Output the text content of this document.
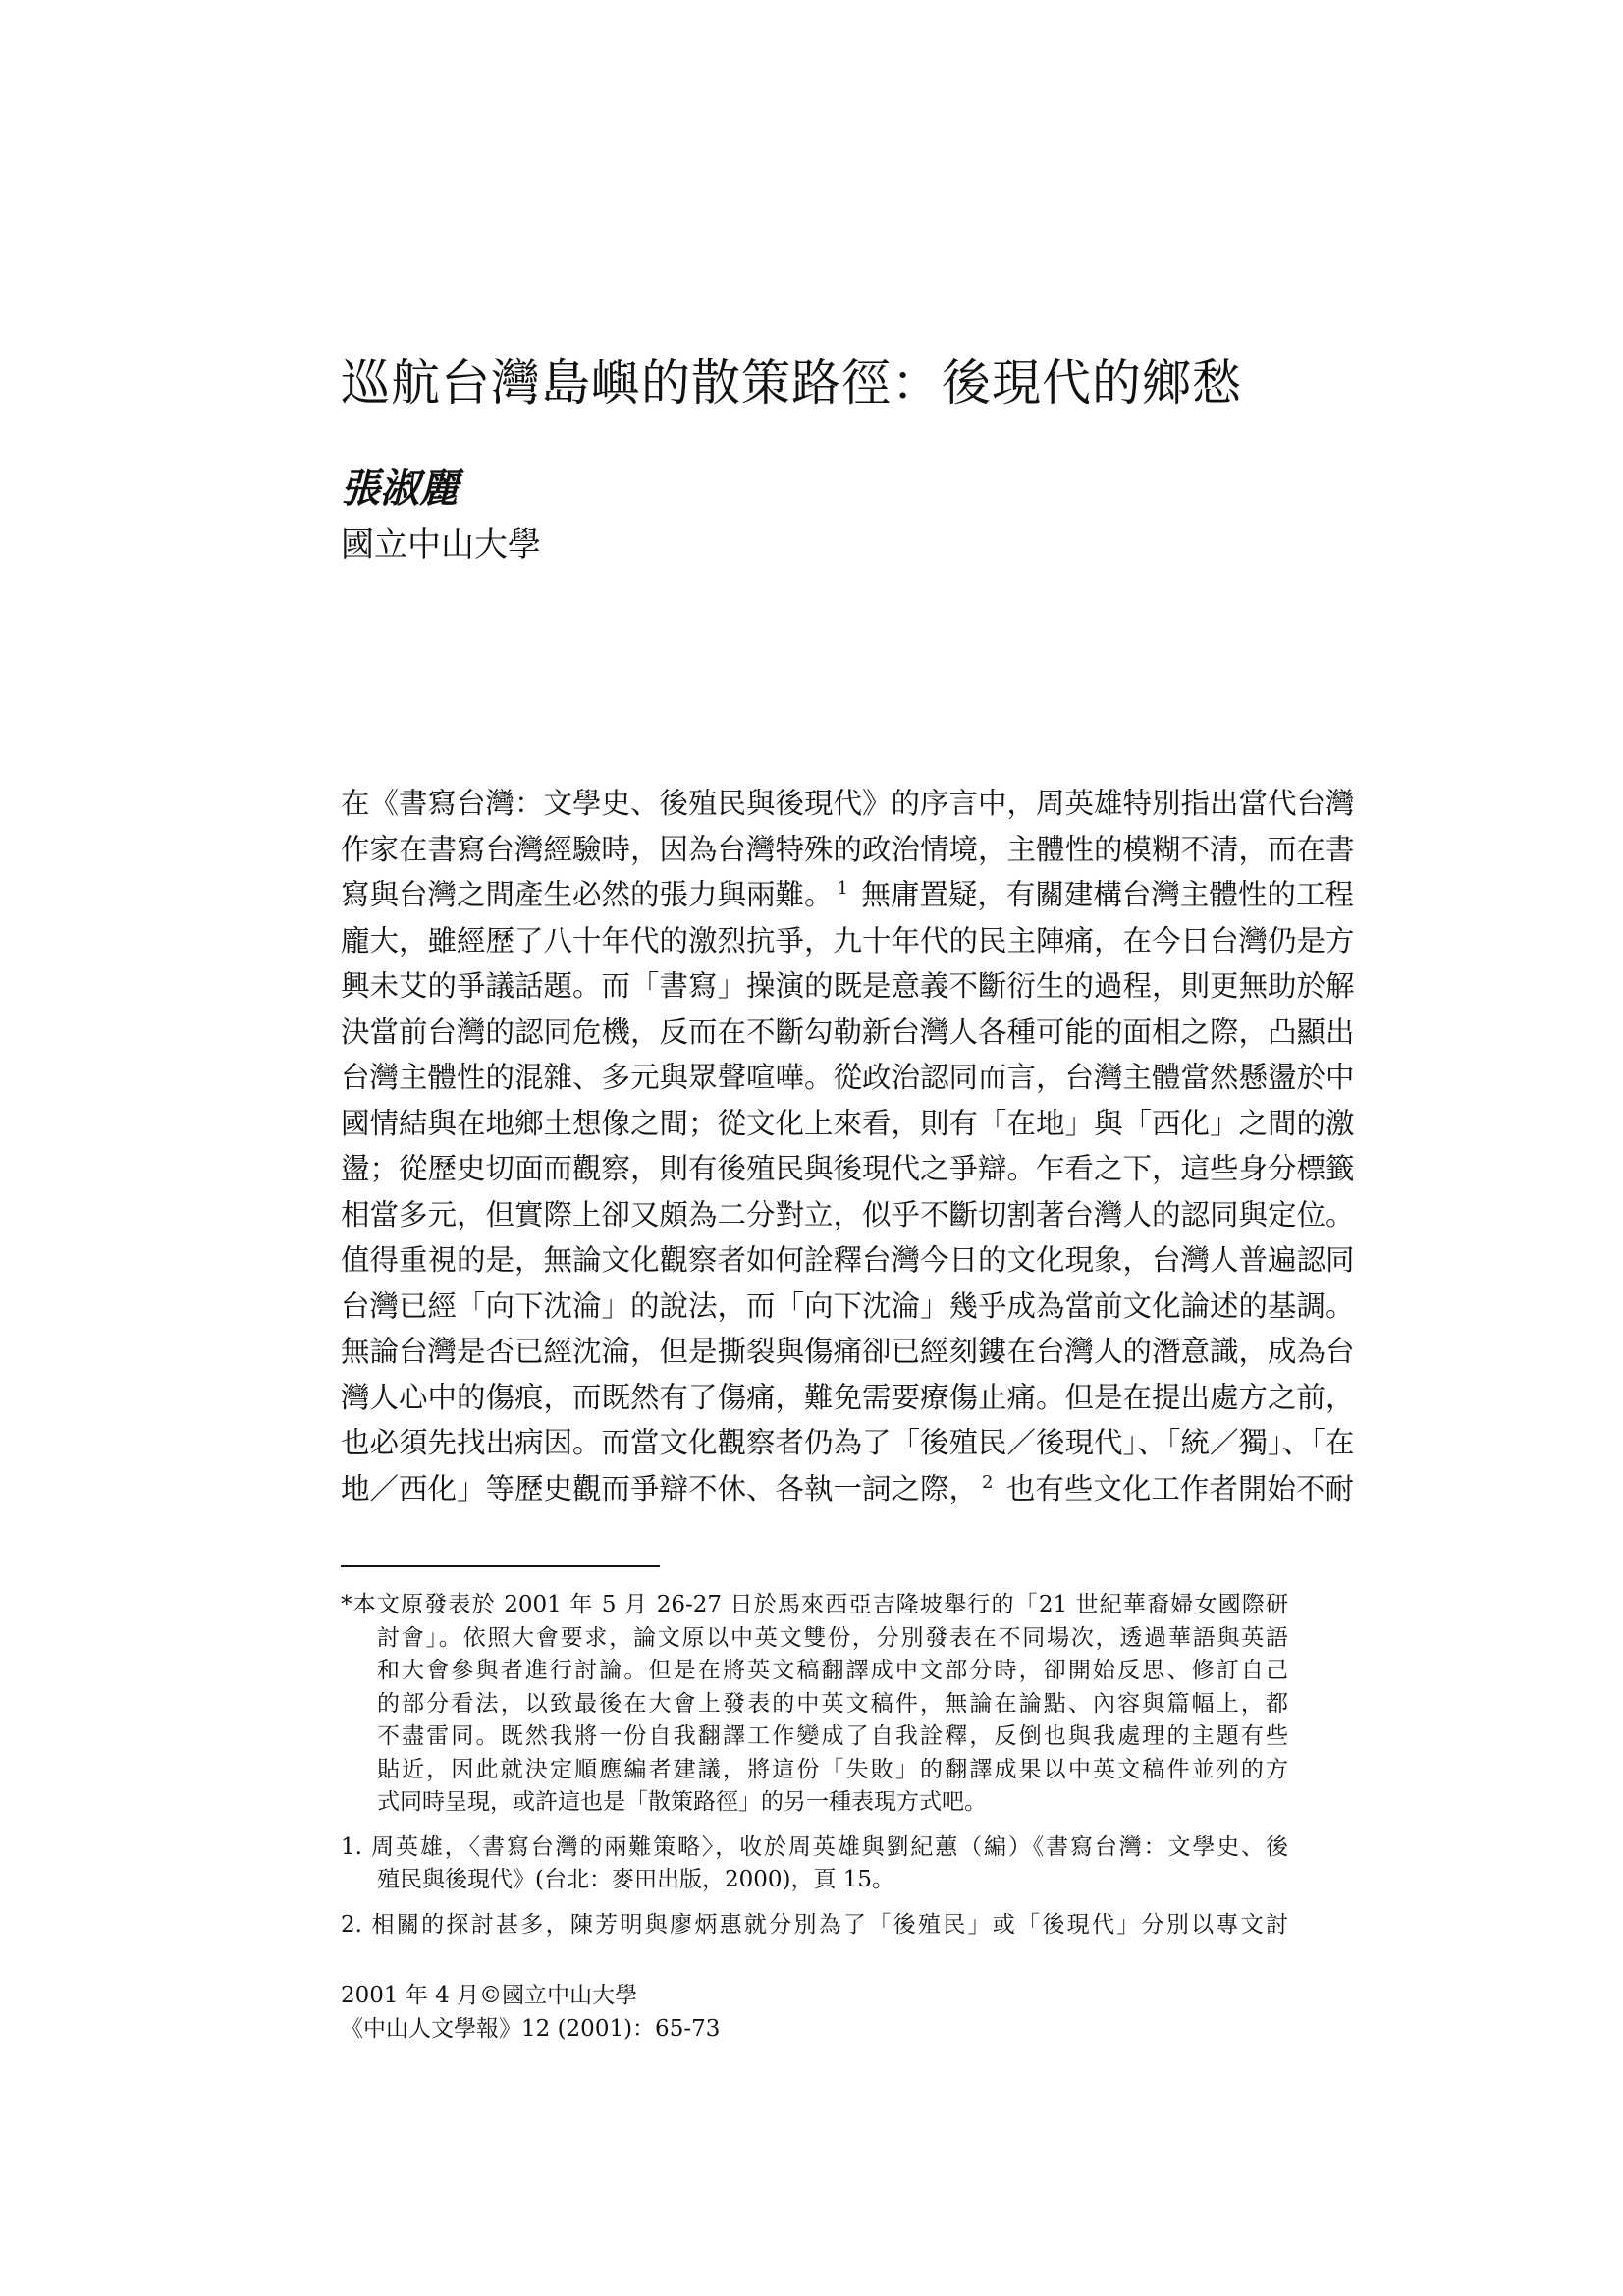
巡航台灣島嶼的散策路徑：後現代的鄉愁
張淑麗
國立中山大學
在《書寫台灣：文學史、後殖民與後現代》的序言中，周英雄特別指出當代台灣
作家在書寫台灣經驗時，因為台灣特殊的政治情境，主體性的模糊不清，而在書
寫與台灣之間產生必然的張力與兩難。 $^1$ 無庸置疑，有關建構台灣主體性的工程
龐大，雖經歷了八十年代的激烈抗爭，九十年代的民主陣痛，在今日台灣仍是方
興未艾的爭議話題。而「書寫」操演的既是意義不斷衍生的過程，則更無助於解
決當前台灣的認同危機，反而在不斷勾勒新台灣人各種可能的面相之際，凸顯出
台灣主體性的混雜、多元與眾聲喧嘩。從政治認同而言，台灣主體當然懸盪於中
國情結與在地鄉土想像之間；從文化上來看，則有「在地」與「西化」之間的激
盪；從歷史切面而觀察，則有後殖民與後現代之爭辯。乍看之下，這些身分標籤
相當多元，但實際上卻又頗為二分對立，似乎不斷切割著台灣人的認同與定位。
值得重視的是，無論文化觀察者如何詮釋台灣今日的文化現象，台灣人普遍認同
台灣已經「向下沈淪」的說法，而「向下沈淪」幾乎成為當前文化論述的基調。
無論台灣是否已經沈淪，但是撕裂與傷痛卻已經刻鏤在台灣人的潛意識，成為台
灣人心中的傷痕，而既然有了傷痛，難免需要療傷止痛。但是在提出處方之前，
也必須先找出病因。而當文化觀察者仍為了「後殖民／後現代」、「統／獨」、「在
地／西化」等歷史觀而爭辯不休、各執一詞之際， $^2$ 也有些文化工作者開始不耐
*本文原發表於 2001 年 5 月 26-27 日於馬來西亞吉隆坡舉行的「21 世紀華裔婦女國際研
討會」。依照大會要求，論文原以中英文雙份，分別發表在不同場次，透過華語與英語
和大會參與者進行討論。但是在將英文稿翻譯成中文部分時，卻開始反思、修訂自己
的部分看法，以致最後在大會上發表的中英文稿件，無論在論點、內容與篇幅上，都
不盡雷同。既然我將一份自我翻譯工作變成了自我詮釋，反倒也與我處理的主題有些
貼近，因此就決定順應編者建議，將這份「失敗」的翻譯成果以中英文稿件並列的方
式同時呈現，或許這也是「散策路徑」的另一種表現方式吧。
1. 周英雄，〈書寫台灣的兩難策略〉，收於周英雄與劉紀蕙（編）《書寫台灣：文學史、後
殖民與後現代》(台北：麥田出版，2000)，頁 15。
2. 相關的探討甚多，陳芳明與廖炳惠就分別為了「後殖民」或「後現代」分別以專文討
2001 年 4 月©國立中山大學
《中山人文學報》12 (2001)：65-73
